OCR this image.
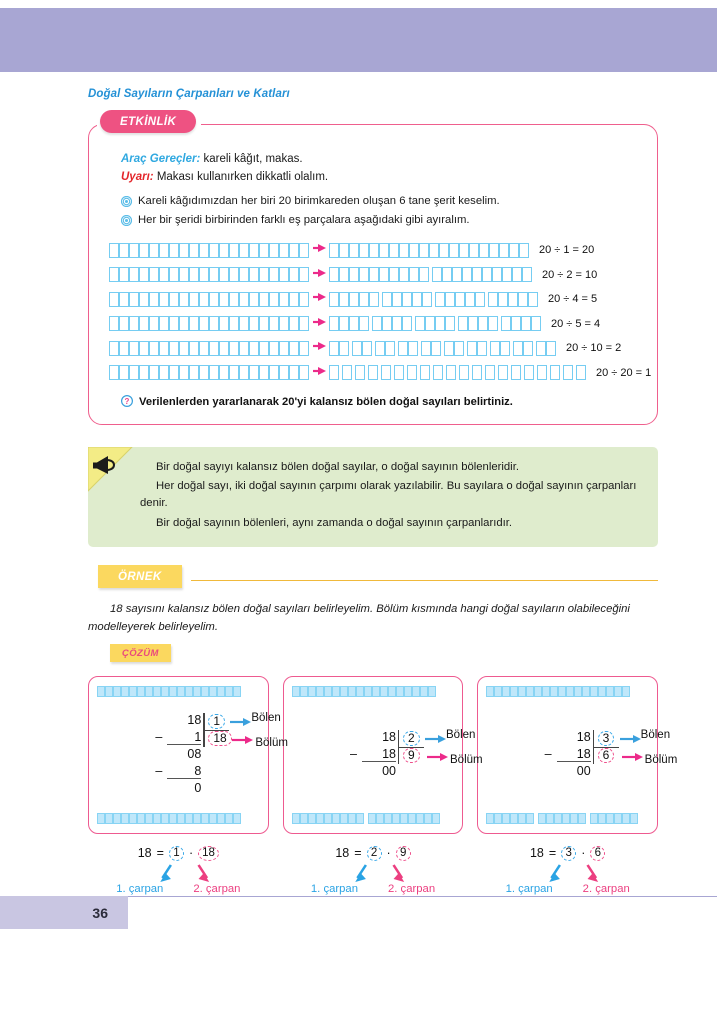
Doğal Sayıların Çarpanları ve Katları
ETKİNLİK
Araç Gereçler: kareli kâğıt, makas.
Uyarı: Makası kullanırken dikkatli olalım.
Kareli kâğıdımızdan her biri 20 birimkareden oluşan 6 tane şerit keselim.
Her bir şeridi birbirinden farklı eş parçalara aşağıdaki gibi ayıralım.
20 ÷ 1 = 20
20 ÷ 2 = 10
20 ÷ 4 = 5
20 ÷ 5 = 4
20 ÷ 10 = 2
20 ÷ 20 = 1
? Verilenlerden yararlanarak 20'yi kalansız bölen doğal sayıları belirtiniz.

Bir doğal sayıyı kalansız bölen doğal sayılar, o doğal sayının bölenleridir.

Her doğal sayı, iki doğal sayının çarpımı olarak yazılabilir. Bu sayılara o doğal sayının çarpanları denir.

Bir doğal sayının bölenleri, aynı zamanda o doğal sayının çarpanlarıdır.

ÖRNEK
18 sayısını kalansız bölen doğal sayıları belirleyelim. Bölüm kısmında hangi doğal sayıların olabileceğini modelleyerek belirleyelim.
ÇÖZÜM
18
–	1
08
–	8
0
1
18
Bölen
Bölüm	18
–	18
00
2
9
Bölen
Bölüm
18
–	18
00
3
6
Bölen
Bölüm
18 = 1 · 18
1. çarpan	2. çarpan
18 = 2 · 9
1. çarpan	2. çarpan
18 = 3 · 6
1. çarpan	2. çarpan
36
